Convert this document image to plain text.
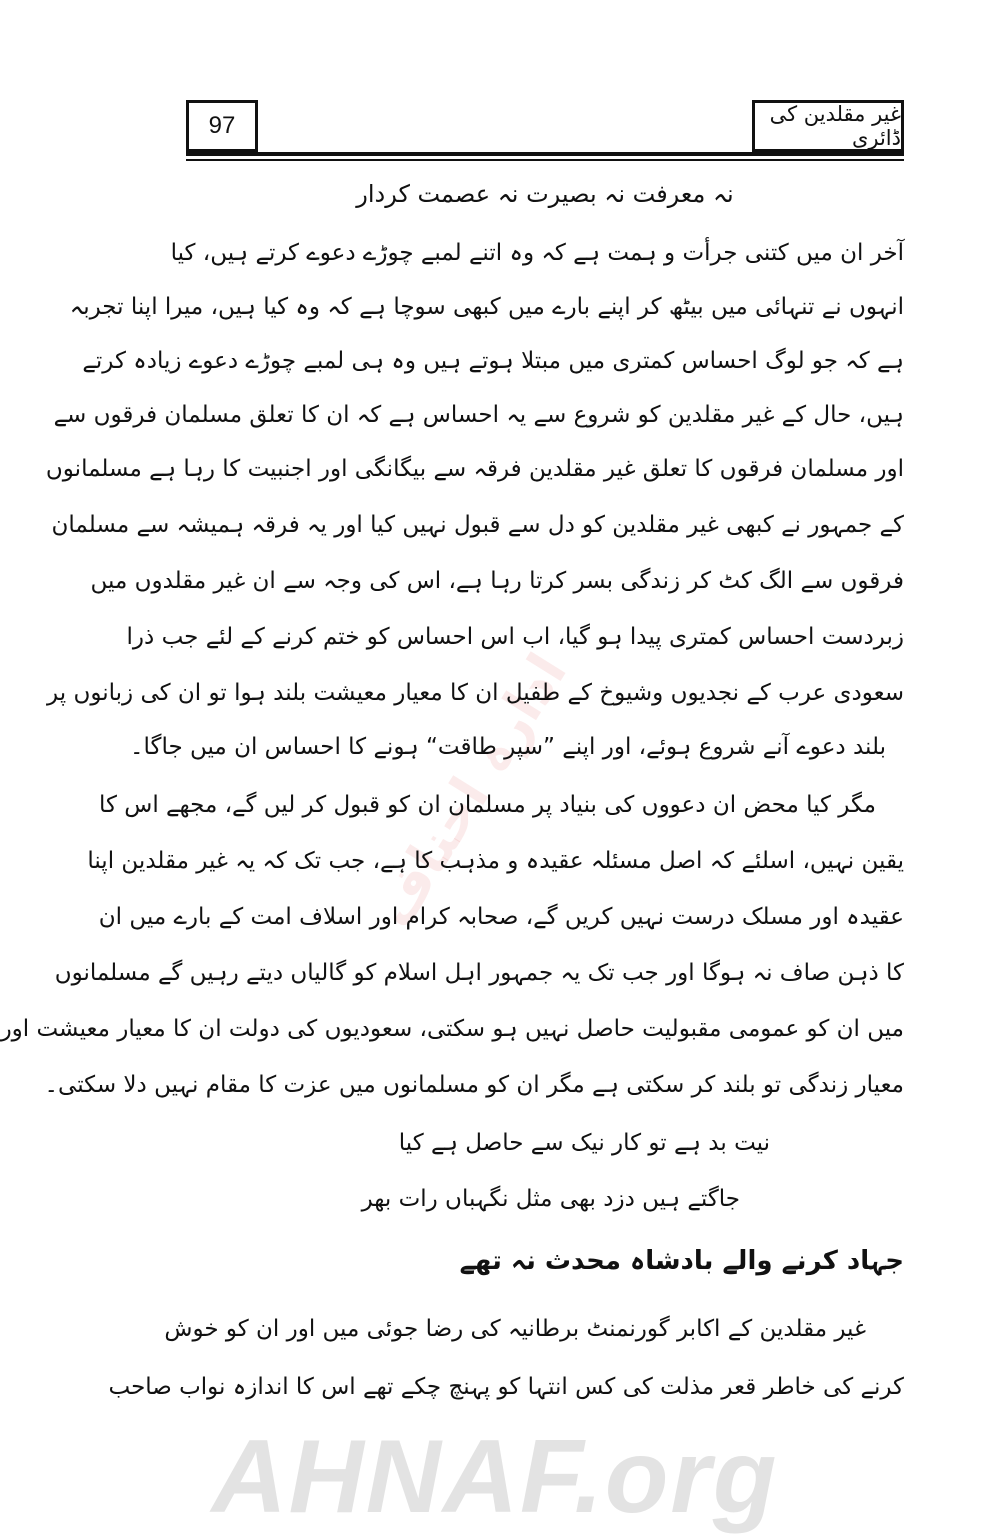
97	غیر مقلدین کی ڈائری
ادارہ احناف
نہ معرفت نہ بصیرت نہ عصمت کردار
آخر ان میں کتنی جرأت و ہمت ہے کہ وہ اتنے لمبے چوڑے دعوے کرتے ہیں، کیا
انہوں نے تنہائی میں بیٹھ کر اپنے بارے میں کبھی سوچا ہے کہ وہ کیا ہیں، میرا اپنا تجربہ
ہے کہ جو لوگ احساس کمتری میں مبتلا ہوتے ہیں وہ ہی لمبے چوڑے دعوے زیادہ کرتے
ہیں، حال کے غیر مقلدین کو شروع سے یہ احساس ہے کہ ان کا تعلق مسلمان فرقوں سے
اور مسلمان فرقوں کا تعلق غیر مقلدین فرقہ سے بیگانگی اور اجنبیت کا رہا ہے مسلمانوں
کے جمہور نے کبھی غیر مقلدین کو دل سے قبول نہیں کیا اور یہ فرقہ ہمیشہ سے مسلمان
فرقوں سے الگ کٹ کر زندگی بسر کرتا رہا ہے، اس کی وجہ سے ان غیر مقلدوں میں
زبردست احساس کمتری پیدا ہو گیا، اب اس احساس کو ختم کرنے کے لئے جب ذرا
سعودی عرب کے نجدیوں وشیوخ کے طفیل ان کا معیار معیشت بلند ہوا تو ان کی زبانوں پر
بلند دعوے آنے شروع ہوئے، اور اپنے ”سپر طاقت“ ہونے کا احساس ان میں جاگا۔
مگر کیا محض ان دعووں کی بنیاد پر مسلمان ان کو قبول کر لیں گے، مجھے اس کا
یقین نہیں، اسلئے کہ اصل مسئلہ عقیدہ و مذہب کا ہے، جب تک کہ یہ غیر مقلدین اپنا
عقیدہ اور مسلک درست نہیں کریں گے، صحابہ کرام اور اسلاف امت کے بارے میں ان
کا ذہن صاف نہ ہوگا اور جب تک یہ جمہور اہل اسلام کو گالیاں دیتے رہیں گے مسلمانوں
میں ان کو عمومی مقبولیت حاصل نہیں ہو سکتی، سعودیوں کی دولت ان کا معیار معیشت اور
معیار زندگی تو بلند کر سکتی ہے مگر ان کو مسلمانوں میں عزت کا مقام نہیں دلا سکتی۔
نیت بد ہے تو کار نیک سے حاصل ہے کیا
جاگتے ہیں دزد بھی مثل نگہباں رات بھر
جہاد کرنے والے بادشاہ محدث نہ تھے
غیر مقلدین کے اکابر گورنمنٹ برطانیہ کی رضا جوئی میں اور ان کو خوش
کرنے کی خاطر قعر مذلت کی کس انتہا کو پہنچ چکے تھے اس کا اندازہ نواب صاحب
AHNAF.org
